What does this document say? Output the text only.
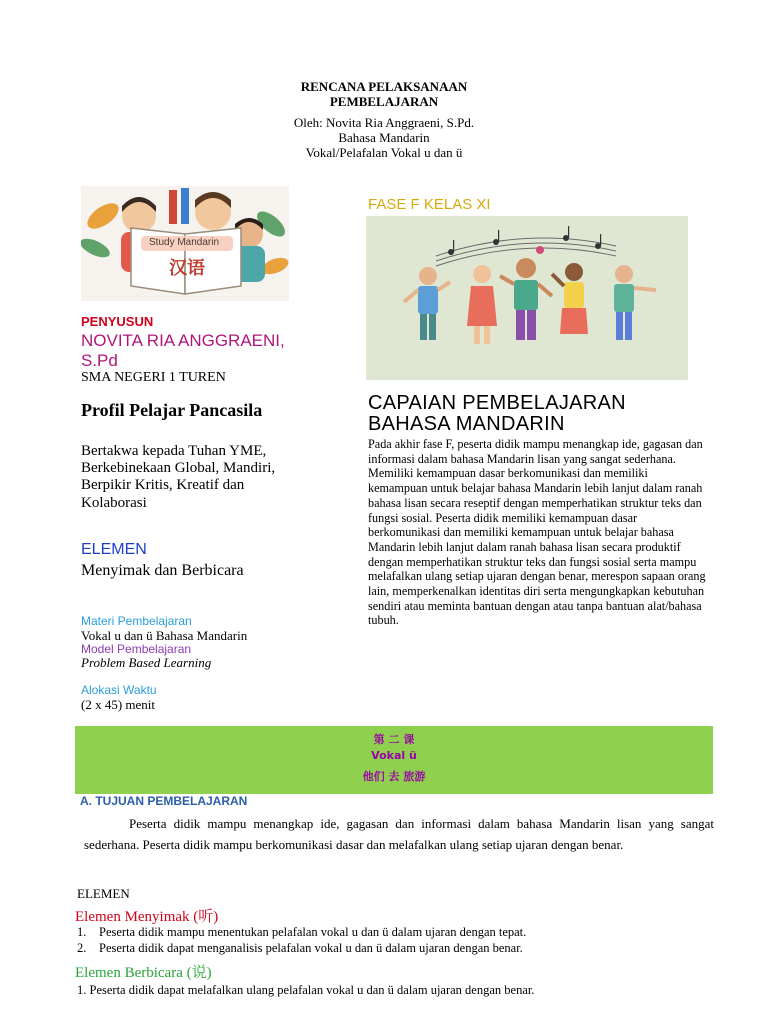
RENCANA PELAKSANAAN
PEMBELAJARAN
Oleh: Novita Ria Anggraeni, S.Pd.
Bahasa Mandarin
Vokal/Pelafalan Vokal u dan ü
Study Mandarin
汉语
PENYUSUN
NOVITA RIA ANGGRAENI, S.Pd
SMA NEGERI 1 TUREN
Profil Pelajar Pancasila
Bertakwa kepada Tuhan YME, Berkebinekaan Global, Mandiri, Berpikir Kritis, Kreatif dan Kolaborasi
ELEMEN
Menyimak dan Berbicara
Materi Pembelajaran
Vokal u dan ü Bahasa Mandarin
Model Pembelajaran
Problem Based Learning
Alokasi Waktu
(2 x 45) menit
FASE F KELAS XI
CAPAIAN PEMBELAJARAN BAHASA MANDARIN
Pada akhir fase F, peserta didik mampu menangkap ide, gagasan dan informasi dalam bahasa Mandarin lisan yang sangat sederhana. Memiliki kemampuan dasar berkomunikasi dan memiliki kemampuan untuk belajar bahasa Mandarin lebih lanjut dalam ranah bahasa lisan secara reseptif dengan memperhatikan struktur teks dan fungsi sosial. Peserta didik memiliki kemampuan dasar berkomunikasi dan memiliki kemampuan untuk belajar bahasa Mandarin lebih lanjut dalam ranah bahasa lisan secara produktif dengan memperhatikan struktur teks dan fungsi sosial serta mampu melafalkan ulang setiap ujaran dengan benar, merespon sapaan orang lain, memperkenalkan identitas diri serta mengungkapkan kebutuhan sendiri atau meminta bantuan dengan atau tanpa bantuan alat/bahasa tubuh.
第 二 课
Vokal ü
他们 去 旅游
A. TUJUAN PEMBELAJARAN
Peserta didik mampu menangkap ide, gagasan dan informasi dalam bahasa Mandarin lisan yang sangat sederhana. Peserta didik mampu berkomunikasi dasar dan melafalkan ulang setiap ujaran dengan benar.
ELEMEN
Elemen Menyimak (听)
1. Peserta didik mampu menentukan pelafalan vokal u dan ü dalam ujaran dengan tepat.
2. Peserta didik dapat menganalisis pelafalan vokal u dan ü dalam ujaran dengan benar.
Elemen Berbicara (说)
1. Peserta didik dapat melafalkan ulang pelafalan vokal u dan ü dalam ujaran dengan benar.
